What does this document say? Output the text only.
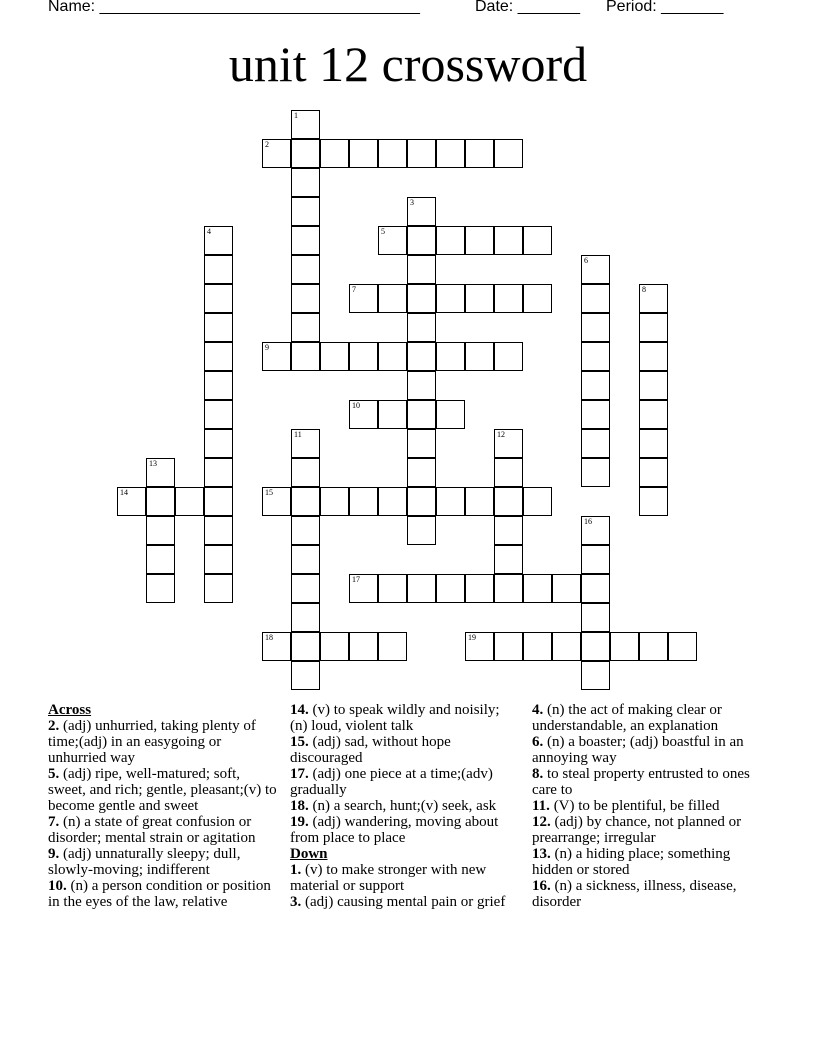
Name: ____________________________________

	Date: _______

Period: _______

unit 12 crossword
1
2
3
4	5
6
7	8
9
10
11	12
13
14	15
16
17
18	19
Across
2. (adj) unhurried, taking plenty of time;(adj) in an easygoing or unhurried way
5. (adj) ripe, well-matured; soft, sweet, and rich; gentle, pleasant;(v) to become gentle and sweet
7. (n) a state of great confusion or disorder; mental strain or agitation
9. (adj) unnaturally sleepy; dull, slowly-moving; indifferent
10. (n) a person condition or position in the eyes of the law, relative
14. (v) to speak wildly and noisily; (n) loud, violent talk
15. (adj) sad, without hope discouraged
17. (adj) one piece at a time;(adv) gradually
18. (n) a search, hunt;(v) seek, ask
19. (adj) wandering, moving about from place to place
Down
1. (v) to make stronger with new material or support
3. (adj) causing mental pain or grief
4. (n) the act of making clear or understandable, an explanation
6. (n) a boaster; (adj) boastful in an annoying way
8. to steal property entrusted to ones care to
11. (V) to be plentiful, be filled
12. (adj) by chance, not planned or prearrange; irregular
13. (n) a hiding place; something hidden or stored
16. (n) a sickness, illness, disease, disorder
